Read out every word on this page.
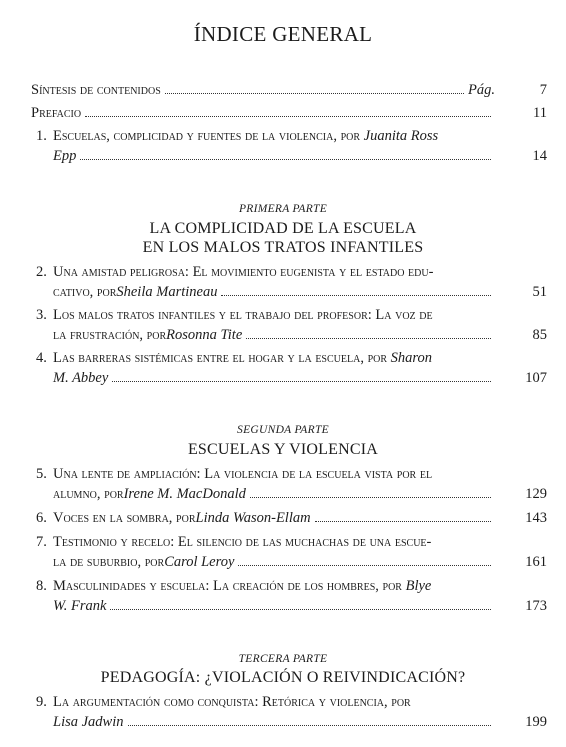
ÍNDICE GENERAL
Síntesis de contenidos	Pág.	7
Prefacio	11
1. Escuelas, complicidad y fuentes de la violencia, por Juanita Ross
Epp	14
PRIMERA PARTE
LA COMPLICIDAD DE LA ESCUELA
EN LOS MALOS TRATOS INFANTILES
2. Una amistad peligrosa: El movimiento eugenista y el estado edu-
cativo, por Sheila Martineau	51
3. Los malos tratos infantiles y el trabajo del profesor: La voz de
la frustración, por Rosonna Tite	85
4. Las barreras sistémicas entre el hogar y la escuela, por Sharon
M. Abbey	107
SEGUNDA PARTE
ESCUELAS Y VIOLENCIA
5. Una lente de ampliación: La violencia de la escuela vista por el
alumno, por Irene M. MacDonald	129
6. Voces en la sombra, por Linda Wason-Ellam	143
7. Testimonio y recelo: El silencio de las muchachas de una escue-
la de suburbio, por Carol Leroy	161
8. Masculinidades y escuela: La creación de los hombres, por Blye
W. Frank	173
TERCERA PARTE
PEDAGOGÍA: ¿VIOLACIÓN O REIVINDICACIÓN?
9. La argumentación como conquista: Retórica y violencia, por
Lisa Jadwin	199
